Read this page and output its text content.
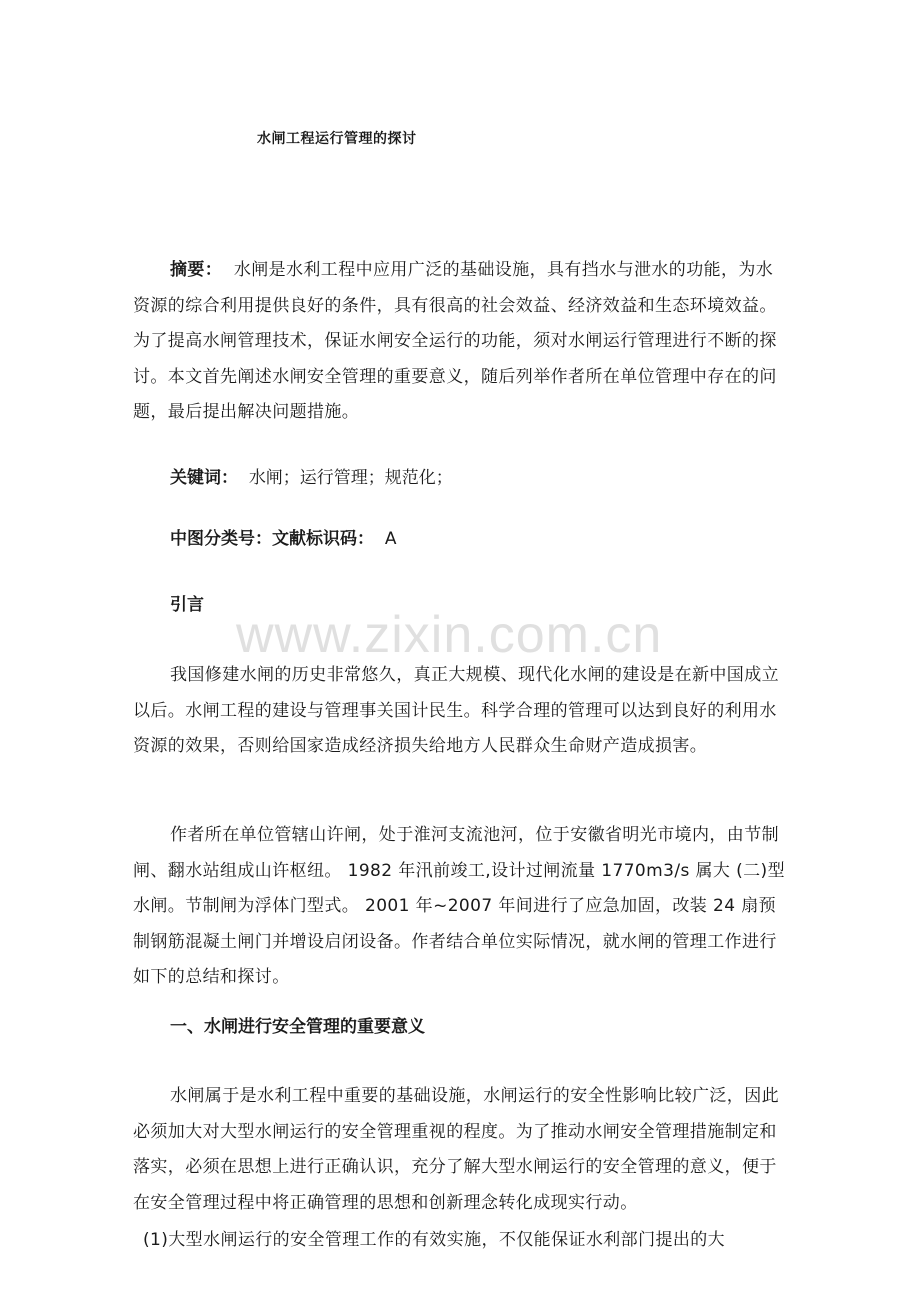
水闸工程运行管理的探讨
摘要： 水闸是水利工程中应用广泛的基础设施，具有挡水与泄水的功能，为水资源的综合利用提供良好的条件，具有很高的社会效益、经济效益和生态环境效益。为了提高水闸管理技术，保证水闸安全运行的功能，须对水闸运行管理进行不断的探讨。本文首先阐述水闸安全管理的重要意义，随后列举作者所在单位管理中存在的问题，最后提出解决问题措施。
关键词： 水闸；运行管理；规范化；
中图分类号：文献标识码： A
引言
www.zixin.com.cn
我国修建水闸的历史非常悠久，真正大规模、现代化水闸的建设是在新中国成立以后。水闸工程的建设与管理事关国计民生。科学合理的管理可以达到良好的利用水资源的效果，否则给国家造成经济损失给地方人民群众生命财产造成损害。
作者所在单位管辖山许闸，处于淮河支流池河，位于安徽省明光市境内，由节制闸、翻水站组成山许枢纽。 1982 年汛前竣工,设计过闸流量 1770m3/s 属大 (二)型水闸。节制闸为浮体门型式。 2001 年~2007 年间进行了应急加固，改装 24 扇预制钢筋混凝土闸门并增设启闭设备。作者结合单位实际情况，就水闸的管理工作进行如下的总结和探讨。
一、水闸进行安全管理的重要意义
水闸属于是水利工程中重要的基础设施，水闸运行的安全性影响比较广泛，因此必须加大对大型水闸运行的安全管理重视的程度。为了推动水闸安全管理措施制定和落实，必须在思想上进行正确认识，充分了解大型水闸运行的安全管理的意义，便于在安全管理过程中将正确管理的思想和创新理念转化成现实行动。
(1)大型水闸运行的安全管理工作的有效实施，不仅能保证水利部门提出的大
